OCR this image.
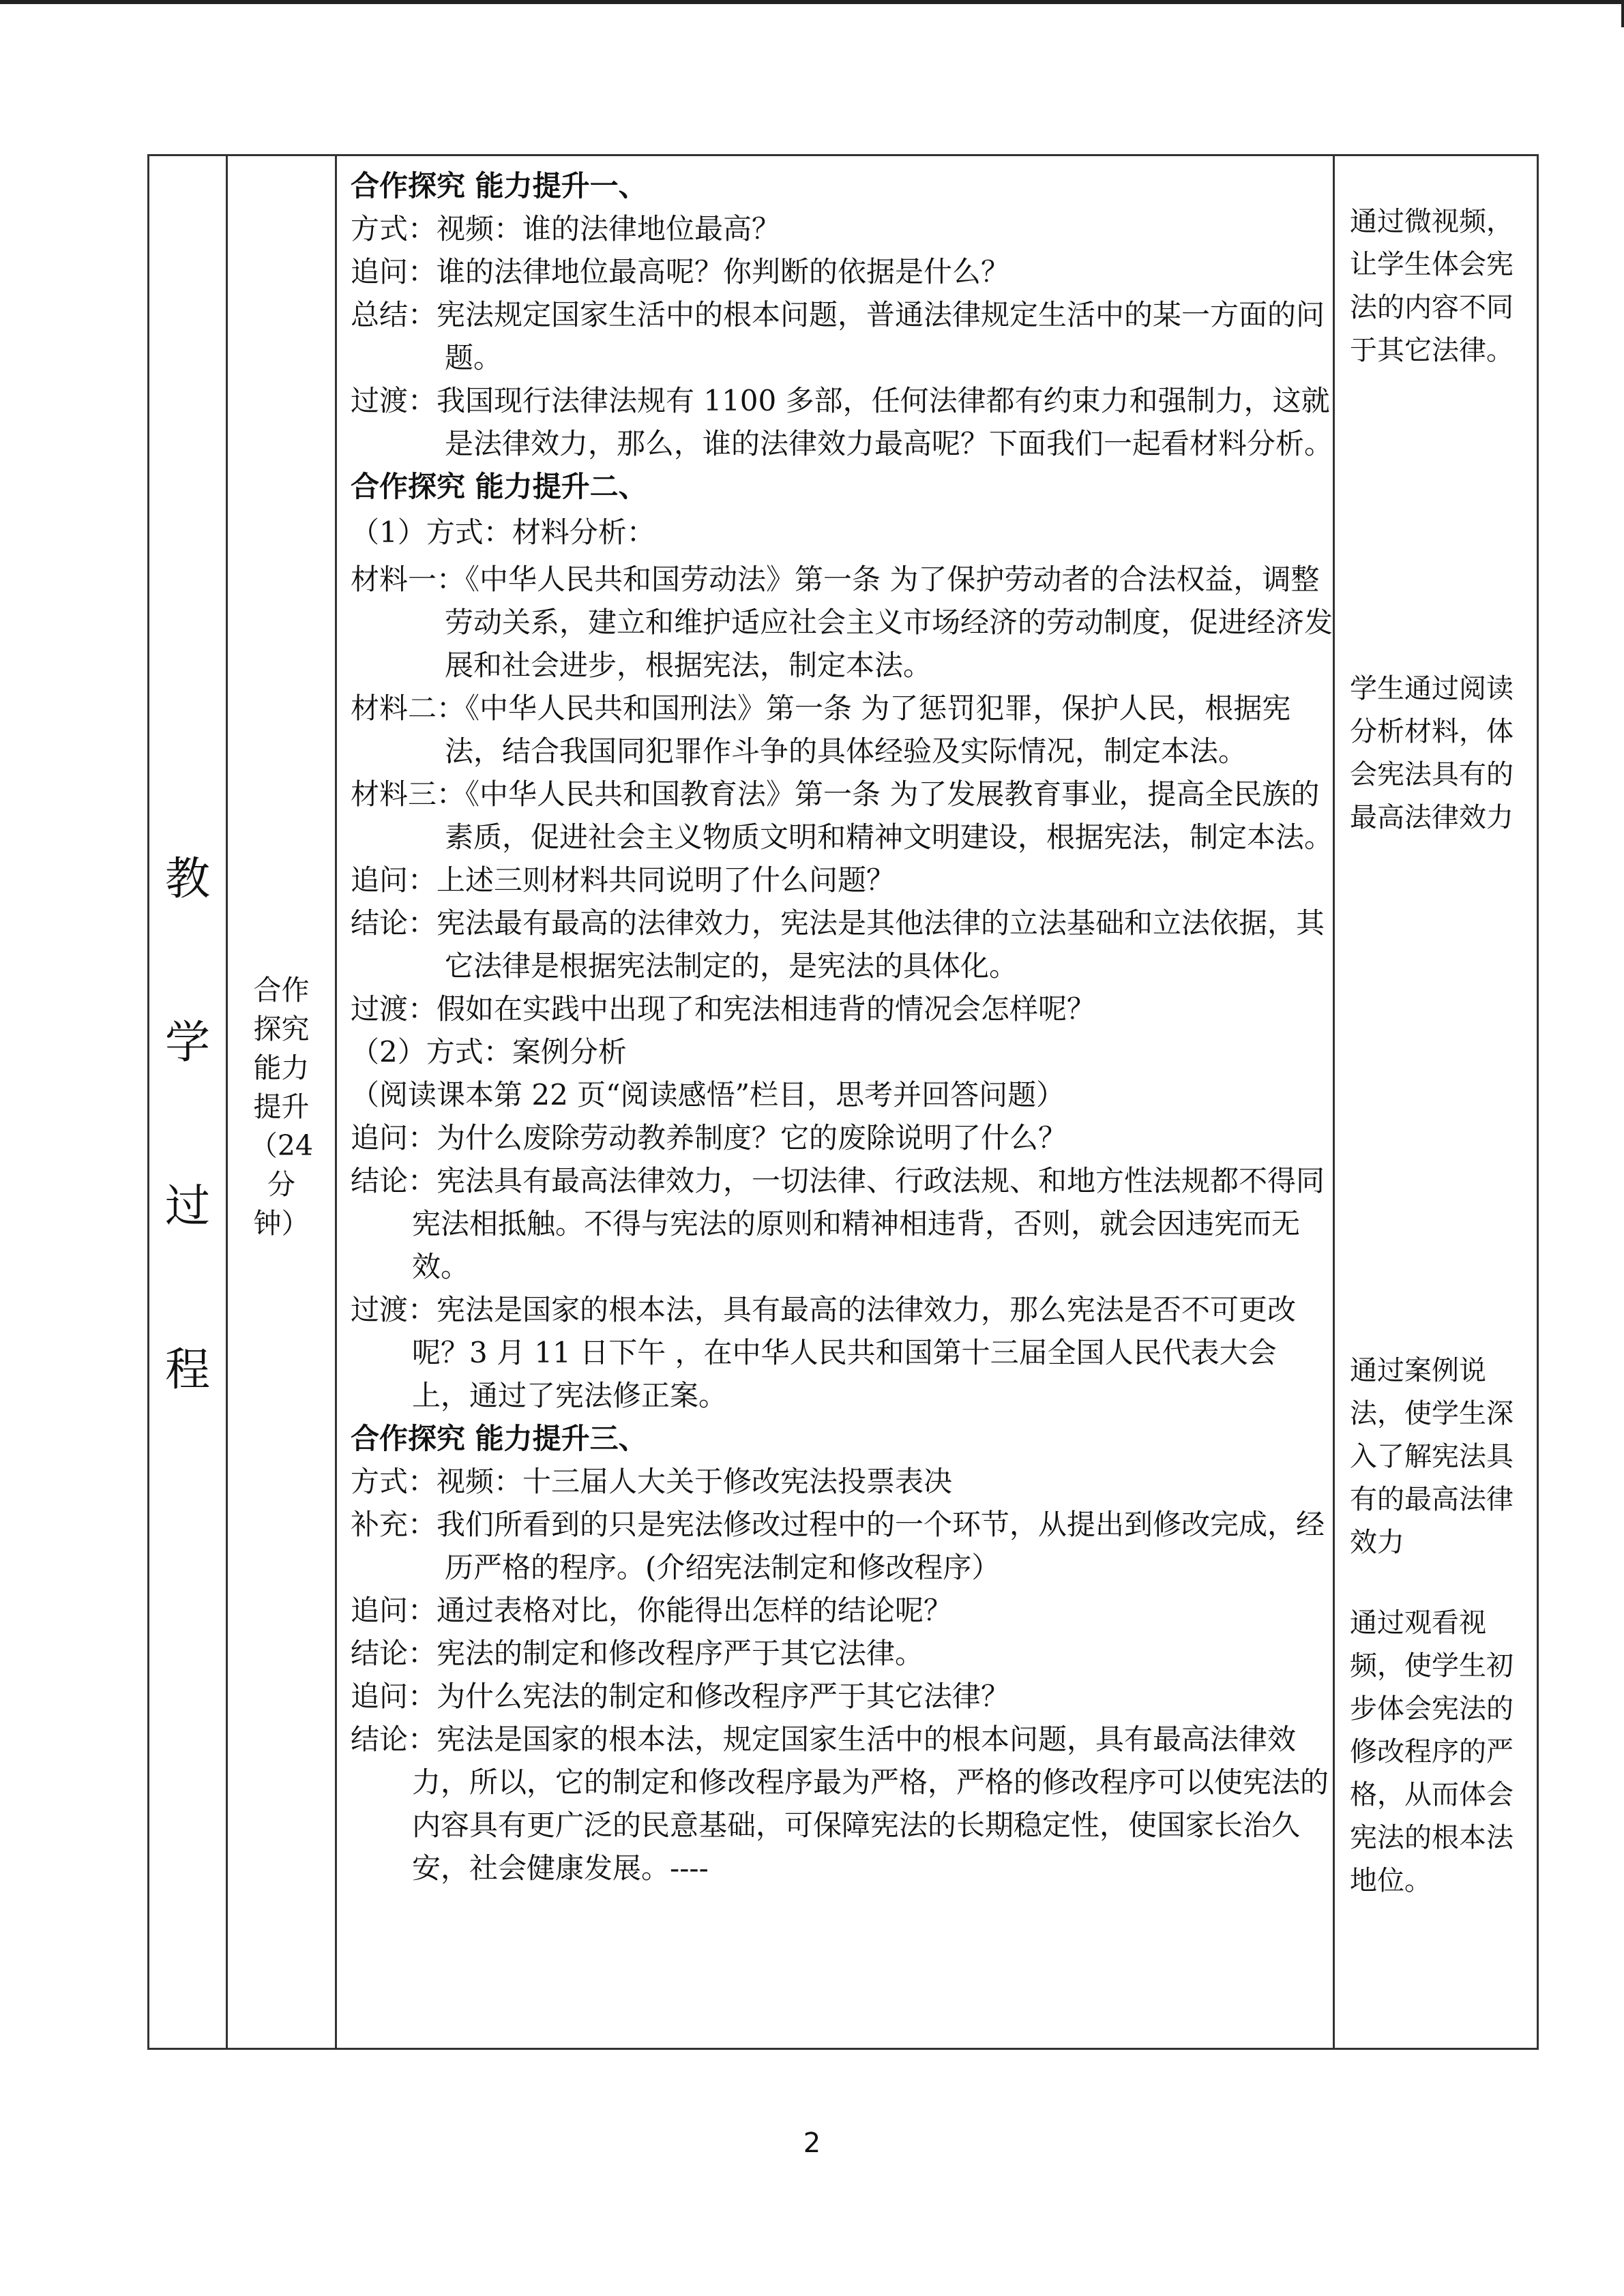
教
学
过
程
合作
探究
能力
提升
（24
分
钟）
合作探究 能力提升一、
方式：视频：谁的法律地位最高？
追问：谁的法律地位最高呢？你判断的依据是什么？
总结：宪法规定国家生活中的根本问题，普通法律规定生活中的某一方面的问题。
过渡：我国现行法律法规有 1100 多部，任何法律都有约束力和强制力，这就是法律效力，那么，谁的法律效力最高呢？下面我们一起看材料分析。
合作探究 能力提升二、
（1）方式：材料分析：
材料一：《中华人民共和国劳动法》第一条 为了保护劳动者的合法权益，调整劳动关系，建立和维护适应社会主义市场经济的劳动制度，促进经济发展和社会进步，根据宪法，制定本法。
材料二：《中华人民共和国刑法》第一条 为了惩罚犯罪，保护人民，根据宪法，结合我国同犯罪作斗争的具体经验及实际情况，制定本法。
材料三：《中华人民共和国教育法》第一条 为了发展教育事业，提高全民族的素质，促进社会主义物质文明和精神文明建设，根据宪法，制定本法。
追问：上述三则材料共同说明了什么问题？
结论：宪法最有最高的法律效力，宪法是其他法律的立法基础和立法依据，其它法律是根据宪法制定的，是宪法的具体化。
过渡：假如在实践中出现了和宪法相违背的情况会怎样呢？
（2）方式：案例分析
（阅读课本第 22 页“阅读感悟”栏目，思考并回答问题）
追问：为什么废除劳动教养制度？它的废除说明了什么？
结论：宪法具有最高法律效力，一切法律、行政法规、和地方性法规都不得同宪法相抵触。不得与宪法的原则和精神相违背，否则，就会因违宪而无效。
过渡：宪法是国家的根本法，具有最高的法律效力，那么宪法是否不可更改呢？3 月 11 日下午 ，在中华人民共和国第十三届全国人民代表大会上，通过了宪法修正案。
合作探究 能力提升三、
方式：视频：十三届人大关于修改宪法投票表决
补充：我们所看到的只是宪法修改过程中的一个环节，从提出到修改完成，经历严格的程序。(介绍宪法制定和修改程序）
追问：通过表格对比，你能得出怎样的结论呢？
结论：宪法的制定和修改程序严于其它法律。
追问：为什么宪法的制定和修改程序严于其它法律？
结论：宪法是国家的根本法，规定国家生活中的根本问题，具有最高法律效力，所以，它的制定和修改程序最为严格，严格的修改程序可以使宪法的内容具有更广泛的民意基础，可保障宪法的长期稳定性，使国家长治久安，社会健康发展。----
通过微视频，让学生体会宪法的内容不同于其它法律。
学生通过阅读分析材料，体会宪法具有的最高法律效力
通过案例说法，使学生深入了解宪法具有的最高法律效力
通过观看视频，使学生初步体会宪法的修改程序的严格，从而体会宪法的根本法地位。
2
